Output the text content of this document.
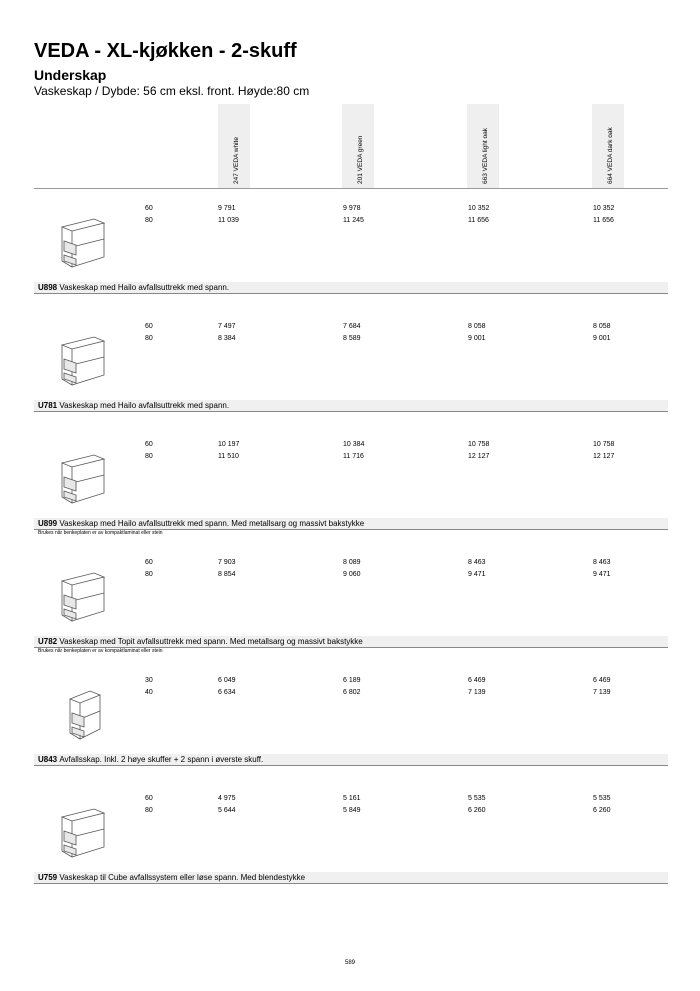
VEDA - XL-kjøkken - 2-skuff
Underskap

Vaskeskap / Dybde: 56 cm eksl. front. Høyde:80 cm

247 VEDA white	201 VEDA green	663 VEDA light oak	664 VEDA dark oak
60	9 791	9 978	10 352	10 352
80	11 039	11 245	11 656	11 656
U898 Vaskeskap med Hailo avfallsuttrekk med spann.
60	7 497	7 684	8 058	8 058
80	8 384	8 589	9 001	9 001
U781 Vaskeskap med Hailo avfallsuttrekk med spann.
60	10 197	10 384	10 758	10 758
80	11 510	11 716	12 127	12 127
U899 Vaskeskap med Hailo avfallsuttrekk med spann. Med metallsarg og massivt bakstykke
Brukes når benkeplaten er av kompaktlaminat eller stein
60	7 903	8 089	8 463	8 463
80	8 854	9 060	9 471	9 471
U782 Vaskeskap med Topit avfallsuttrekk med spann. Med metallsarg og massivt bakstykke
Brukes når benkeplaten er av kompaktlaminat eller stein
30	6 049	6 189	6 469	6 469
40	6 634	6 802	7 139	7 139
U843 Avfallsskap. Inkl. 2 høye skuffer + 2 spann i øverste skuff.
60	4 975	5 161	5 535	5 535
80	5 644	5 849	6 260	6 260
U759 Vaskeskap til Cube avfallssystem eller løse spann. Med blendestykke
589
